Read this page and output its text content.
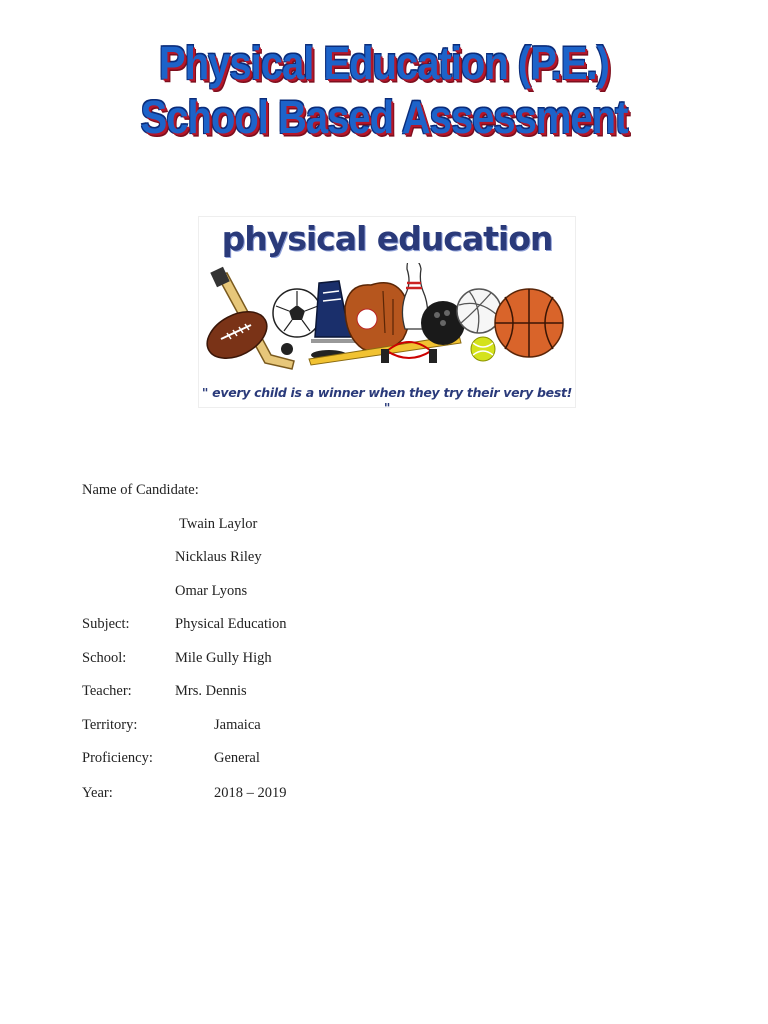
Physical Education (P.E.)
School Based Assessment
physical education
" every child is a winner when they try their very best! "
Name of Candidate:
Twain Laylor
Nicklaus Riley
Omar Lyons
Subject:	Physical Education
School:	Mile Gully High
Teacher:	Mrs. Dennis
Territory:	Jamaica
Proficiency:	General
Year:	2018 – 2019
